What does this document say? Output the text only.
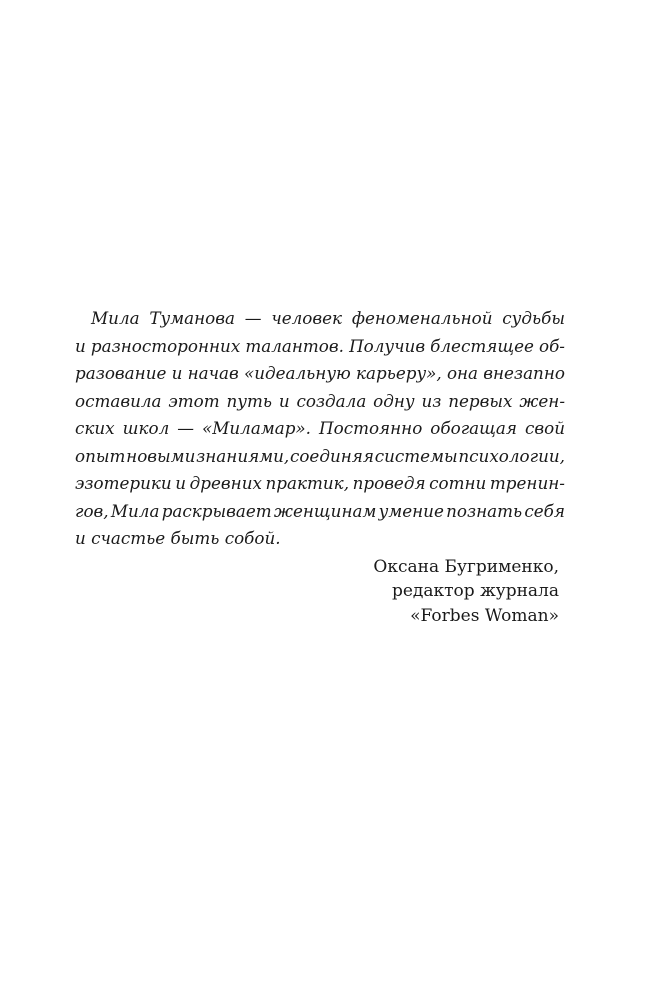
Мила Туманова — человек феноменальной судьбы
и разносторонних талантов. Получив блестящее об-
разование и начав «идеальную карьеру», она внезапно
оставила этот путь и создала одну из первых жен-
ских школ — «Миламар». Постоянно обогащая свой
опыт новыми знаниями, соединяя системы психологии,
эзотерики и древних практик, проведя сотни тренин-
гов, Мила раскрывает женщинам умение познать себя
и счастье быть собой.
Оксана Бугрименко,
редактор журнала
«Forbes Woman»
